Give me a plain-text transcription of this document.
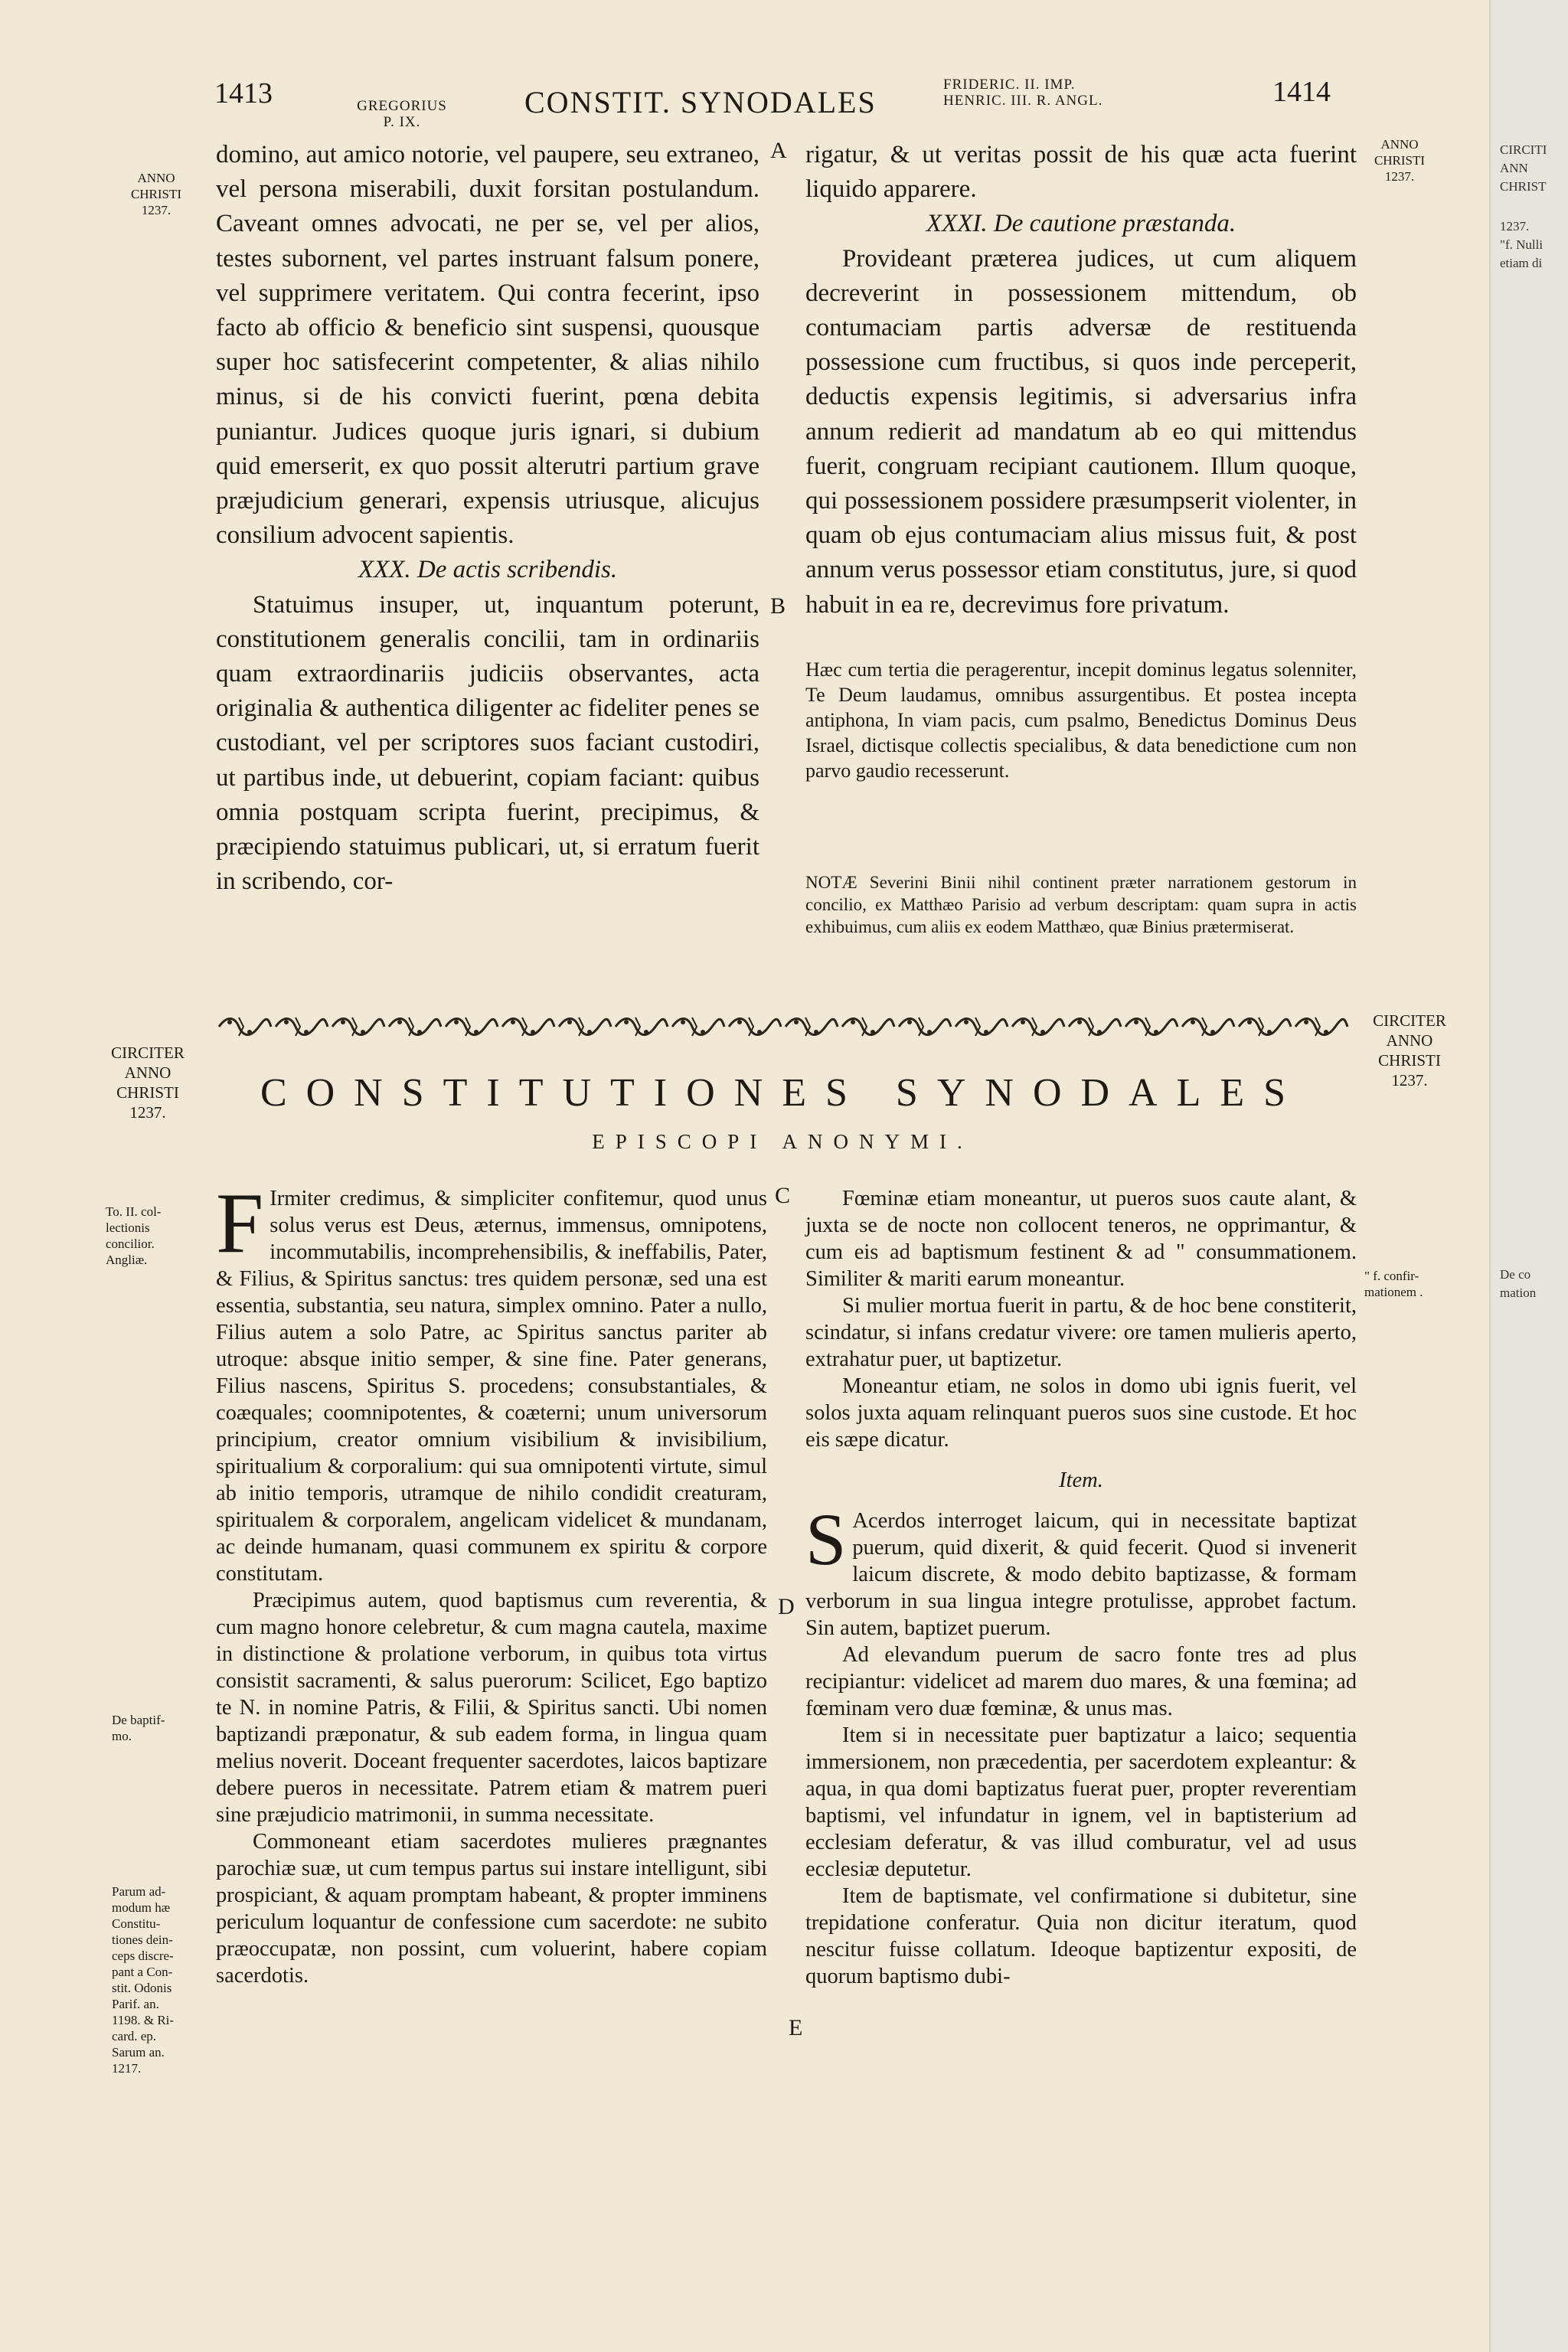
1413	GREGORIUS
P. IX.
CONSTIT. SYNODALES
FRIDERIC. II. IMP.
HENRIC. III. R. ANGL.	1414
ANNO
CHRISTI
1237.
ANNO
CHRISTI
1237.
A
B
C
D
E

domino, aut amico notorie, vel paupere, seu extraneo, vel persona miserabili, duxit forsitan postulandum. Caveant omnes advocati, ne per se, vel per alios, testes subornent, vel partes instruant falsum ponere, vel supprimere veritatem. Qui contra fecerint, ipso facto ab officio & beneficio sint suspensi, quousque super hoc satisfecerint competenter, & alias nihilo minus, si de his convicti fuerint, pœna debita puniantur. Judices quoque juris ignari, si dubium quid emerserit, ex quo possit alterutri partium grave præjudicium generari, expensis utriusque, alicujus consilium advocent sapientis.

XXX. De actis scribendis.

Statuimus insuper, ut, inquantum poterunt, constitutionem generalis concilii, tam in ordinariis quam extraordinariis judiciis observantes, acta originalia & authentica diligenter ac fideliter penes se custodiant, vel per scriptores suos faciant custodiri, ut partibus inde, ut debuerint, copiam faciant: quibus omnia postquam scripta fuerint, precipimus, & præcipiendo statuimus publicari, ut, si erratum fuerit in scribendo, cor-

rigatur, & ut veritas possit de his quæ acta fuerint liquido apparere.

XXXI. De cautione præstanda.

Provideant præterea judices, ut cum aliquem decreverint in possessionem mittendum, ob contumaciam partis adversæ de restituenda possessione cum fructibus, si quos inde perceperit, deductis expensis legitimis, si adversarius infra annum redierit ad mandatum ab eo qui mittendus fuerit, congruam recipiant cautionem. Illum quoque, qui possessionem possidere præsumpserit violenter, in quam ob ejus contumaciam alius missus fuit, & post annum verus possessor etiam constitutus, jure, si quod habuit in ea re, decrevimus fore privatum.

Hæc cum tertia die peragerentur, incepit dominus legatus solenniter, Te Deum laudamus, omnibus assurgentibus. Et postea incepta antiphona, In viam pacis, cum psalmo, Benedictus Dominus Deus Israel, dictisque collectis specialibus, & data benedictione cum non parvo gaudio recesserunt.

NOTÆ Severini Binii nihil continent præter narrationem gestorum in concilio, ex Matthæo Parisio ad verbum descriptam: quam supra in actis exhibuimus, cum aliis ex eodem Matthæo, quæ Binius prætermiserat.

CIRCITER
ANNO
CHRISTI
1237.
CIRCITER
ANNO
CHRISTI
1237.
CONSTITUTIONES SYNODALES
EPISCOPI ANONYMI.
To. II. col-
lectionis
concilior.
Angliæ.
De baptif-
mo.
Parum ad-
modum hæ
Constitu-
tiones dein-
ceps discre-
pant a Con-
stit. Odonis
Parif. an.
1198. & Ri-
card. ep.
Sarum an.
1217.
" f. confir-
mationem .

F Irmiter credimus, & simpliciter confitemur, quod unus solus verus est Deus, æternus, immensus, omnipotens, incommutabilis, incomprehensibilis, & ineffabilis, Pater, & Filius, & Spiritus sanctus: tres quidem personæ, sed una est essentia, substantia, seu natura, simplex omnino. Pater a nullo, Filius autem a solo Patre, ac Spiritus sanctus pariter ab utroque: absque initio semper, & sine fine. Pater generans, Filius nascens, Spiritus S. procedens; consubstantiales, & coæquales; coomnipotentes, & coæterni; unum universorum principium, creator omnium visibilium & invisibilium, spiritualium & corporalium: qui sua omnipotenti virtute, simul ab initio temporis, utramque de nihilo condidit creaturam, spiritualem & corporalem, angelicam videlicet & mundanam, ac deinde humanam, quasi communem ex spiritu & corpore constitutam.

Præcipimus autem, quod baptismus cum reverentia, & cum magno honore celebretur, & cum magna cautela, maxime in distinctione & prolatione verborum, in quibus tota virtus consistit sacramenti, & salus puerorum: Scilicet, Ego baptizo te N. in nomine Patris, & Filii, & Spiritus sancti. Ubi nomen baptizandi præponatur, & sub eadem forma, in lingua quam melius noverit. Doceant frequenter sacerdotes, laicos baptizare debere pueros in necessitate. Patrem etiam & matrem pueri sine præjudicio matrimonii, in summa necessitate.

Commoneant etiam sacerdotes mulieres prægnantes parochiæ suæ, ut cum tempus partus sui instare intelligunt, sibi prospiciant, & aquam promptam habeant, & propter imminens periculum loquantur de confessione cum sacerdote: ne subito præoccupatæ, non possint, cum voluerint, habere copiam sacerdotis.

Fœminæ etiam moneantur, ut pueros suos caute alant, & juxta se de nocte non collocent teneros, ne opprimantur, & cum eis ad baptismum festinent & ad " consummationem. Similiter & mariti earum moneantur.

Si mulier mortua fuerit in partu, & de hoc bene constiterit, scindatur, si infans credatur vivere: ore tamen mulieris aperto, extrahatur puer, ut baptizetur.

Moneantur etiam, ne solos in domo ubi ignis fuerit, vel solos juxta aquam relinquant pueros suos sine custode. Et hoc eis sæpe dicatur.

Item.

S Acerdos interroget laicum, qui in necessitate baptizat puerum, quid dixerit, & quid fecerit. Quod si invenerit laicum discrete, & modo debito baptizasse, & formam verborum in sua lingua integre protulisse, approbet factum. Sin autem, baptizet puerum.

Ad elevandum puerum de sacro fonte tres ad plus recipiantur: videlicet ad marem duo mares, & una fœmina; ad fœminam vero duæ fœminæ, & unus mas.

Item si in necessitate puer baptizatur a laico; sequentia immersionem, non præcedentia, per sacerdotem expleantur: & aqua, in qua domi baptizatus fuerat puer, propter reverentiam baptismi, vel infundatur in ignem, vel in baptisterium ad ecclesiam deferatur, & vas illud comburatur, vel ad usus ecclesiæ deputetur.

Item de baptismate, vel confirmatione si dubitetur, sine trepidatione conferatur. Quia non dicitur iteratum, quod nescitur fuisse collatum. Ideoque baptizentur expositi, de quorum baptismo dubi-

CIRCITI
ANN
CHRIST
1237.
"f. Nulli
etiam di
De co
mation
